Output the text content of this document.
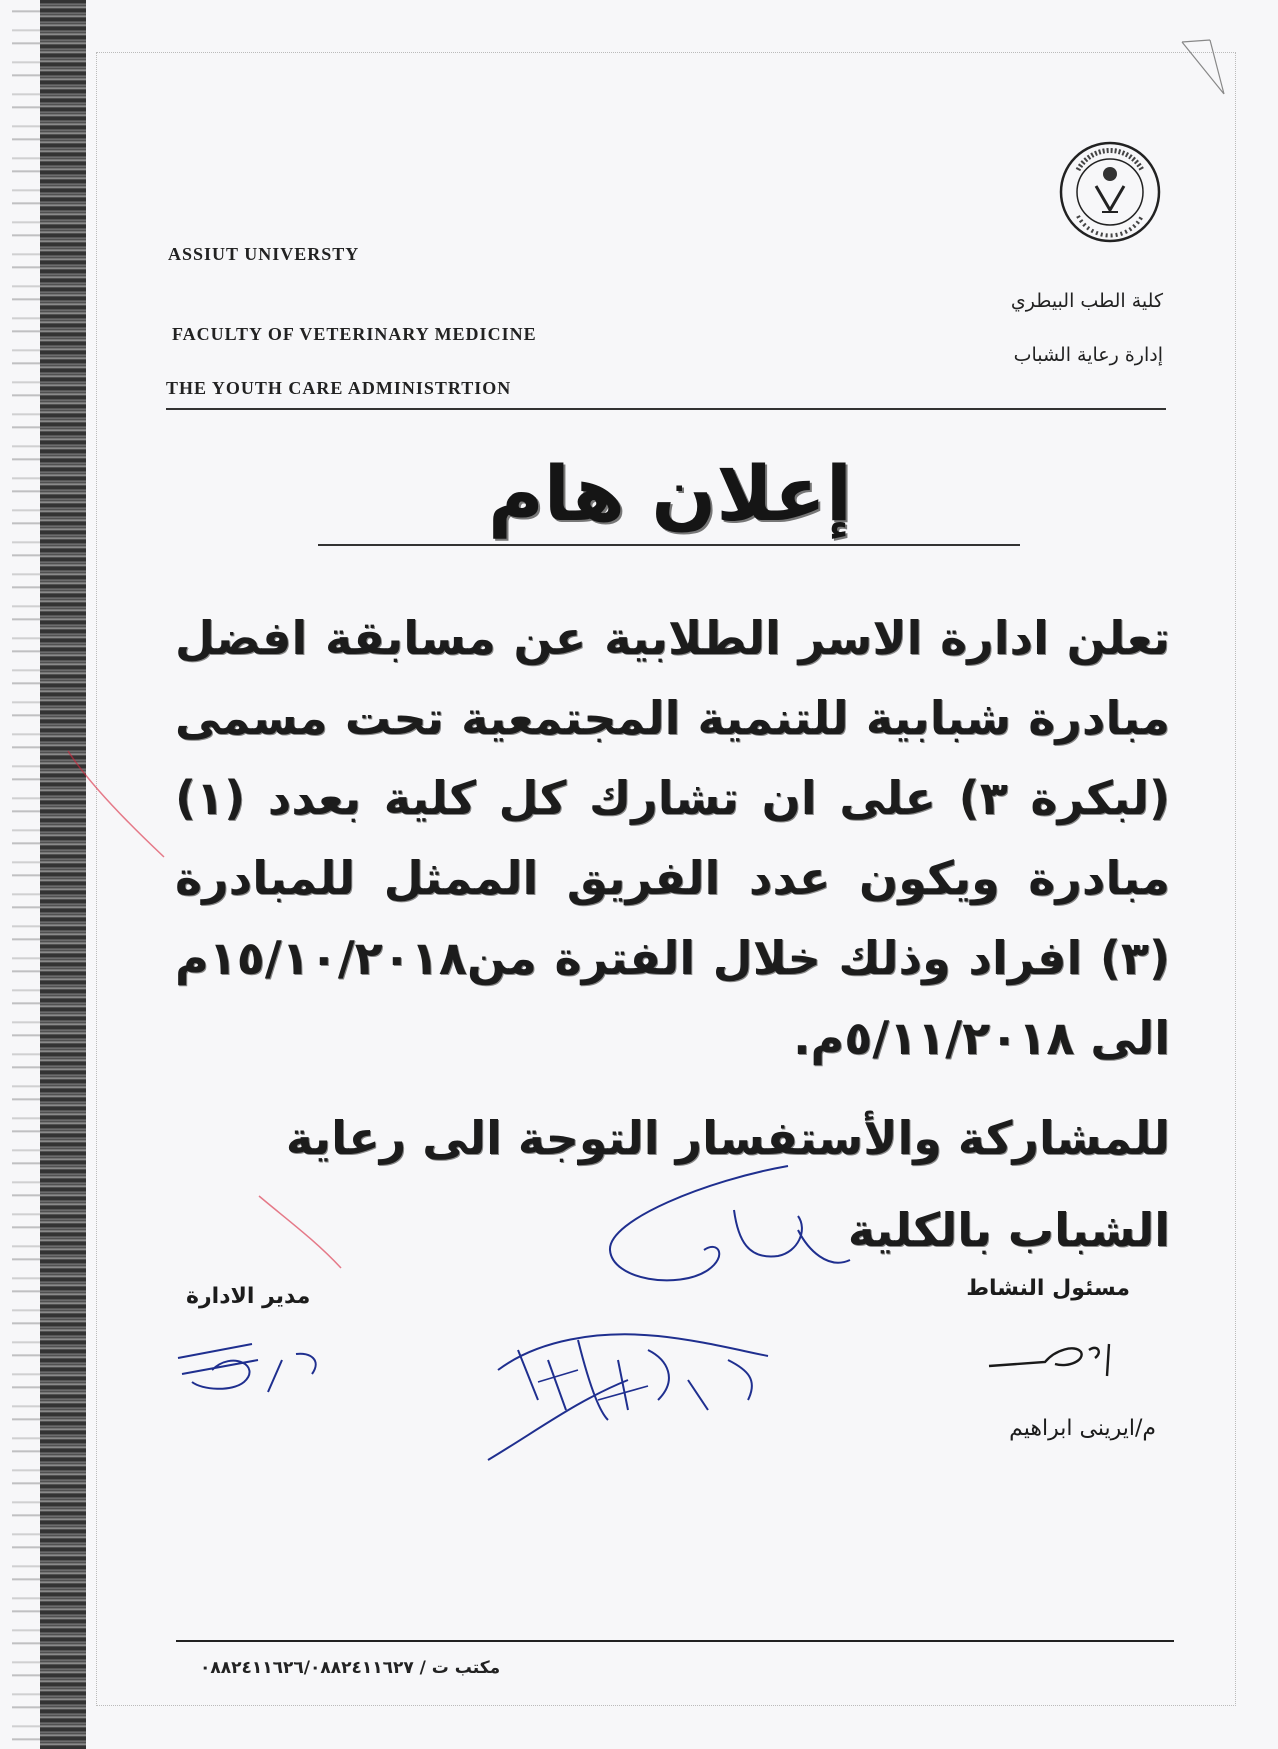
ASSIUT UNIVERSTY
FACULTY OF VETERINARY MEDICINE
THE YOUTH CARE ADMINISTRTION
كلية الطب البيطري
إدارة رعاية الشباب
إعلان هام

تعلن ادارة الاسر الطلابية عن مسابقة افضل مبادرة شبابية للتنمية المجتمعية تحت مسمى (لبكرة ٣) على ان تشارك كل كلية بعدد (١) مبادرة ويكون عدد الفريق الممثل للمبادرة (٣) افراد وذلك خلال الفترة من١٥/١٠/٢٠١٨م الى ٥/١١/٢٠١٨م.

للمشاركة والأستفسار التوجة الى رعاية الشباب بالكلية

مدير الادارة	مسئول النشاط
م/ايرينى ابراهيم
مكتب ت / ٠٨٨٢٤١١٦٢٦/٠٨٨٢٤١١٦٢٧
